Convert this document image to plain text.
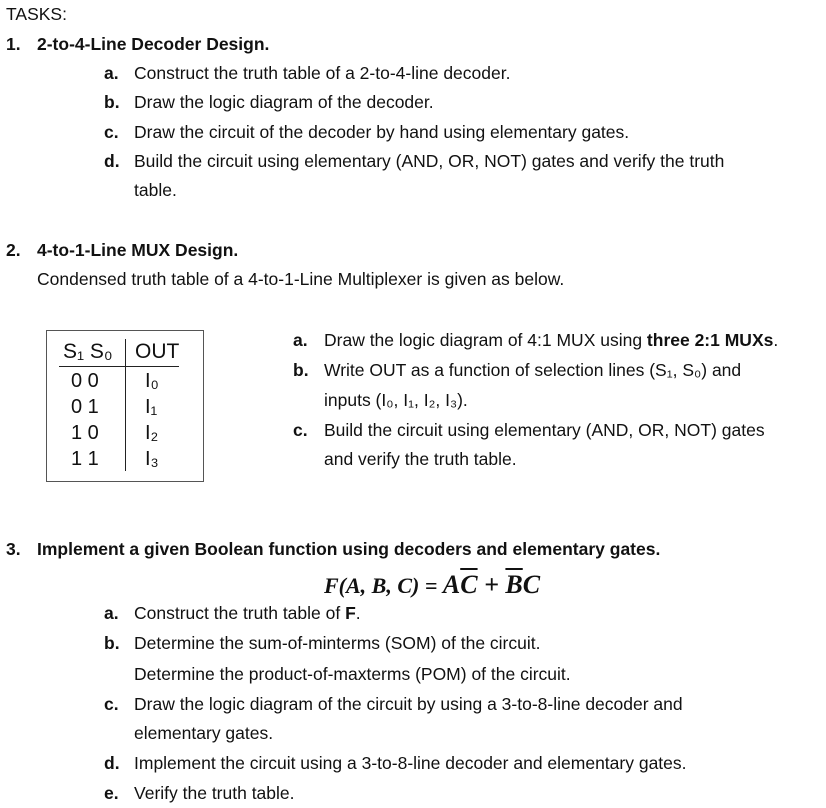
TASKS:
1. 2-to-4-Line Decoder Design.
a. Construct the truth table of a 2-to-4-line decoder.
b. Draw the logic diagram of the decoder.
c. Draw the circuit of the decoder by hand using elementary gates.
d. Build the circuit using elementary (AND, OR, NOT) gates and verify the truth
table.
2. 4-to-1-Line MUX Design.
Condensed truth table of a 4-to-1-Line Multiplexer is given as below.
S₁ S₀ OUT
0 0 I₀
0 1 I₁
1 0 I₂
1 1 I₃
a. Draw the logic diagram of 4:1 MUX using three 2:1 MUXs.
b. Write OUT as a function of selection lines (S₁, S₀) and
inputs (I₀, I₁, I₂, I₃).
c. Build the circuit using elementary (AND, OR, NOT) gates
and verify the truth table.
3. Implement a given Boolean function using decoders and elementary gates.
F(A, B, $C) = A\overline{C} + \overline{B}C$
a. Construct the truth table of F.
b. Determine the sum-of-minterms (SOM) of the circuit.
Determine the product-of-maxterms (POM) of the circuit.
c. Draw the logic diagram of the circuit by using a 3-to-8-line decoder and
elementary gates.
d. Implement the circuit using a 3-to-8-line decoder and elementary gates.
e. Verify the truth table.
